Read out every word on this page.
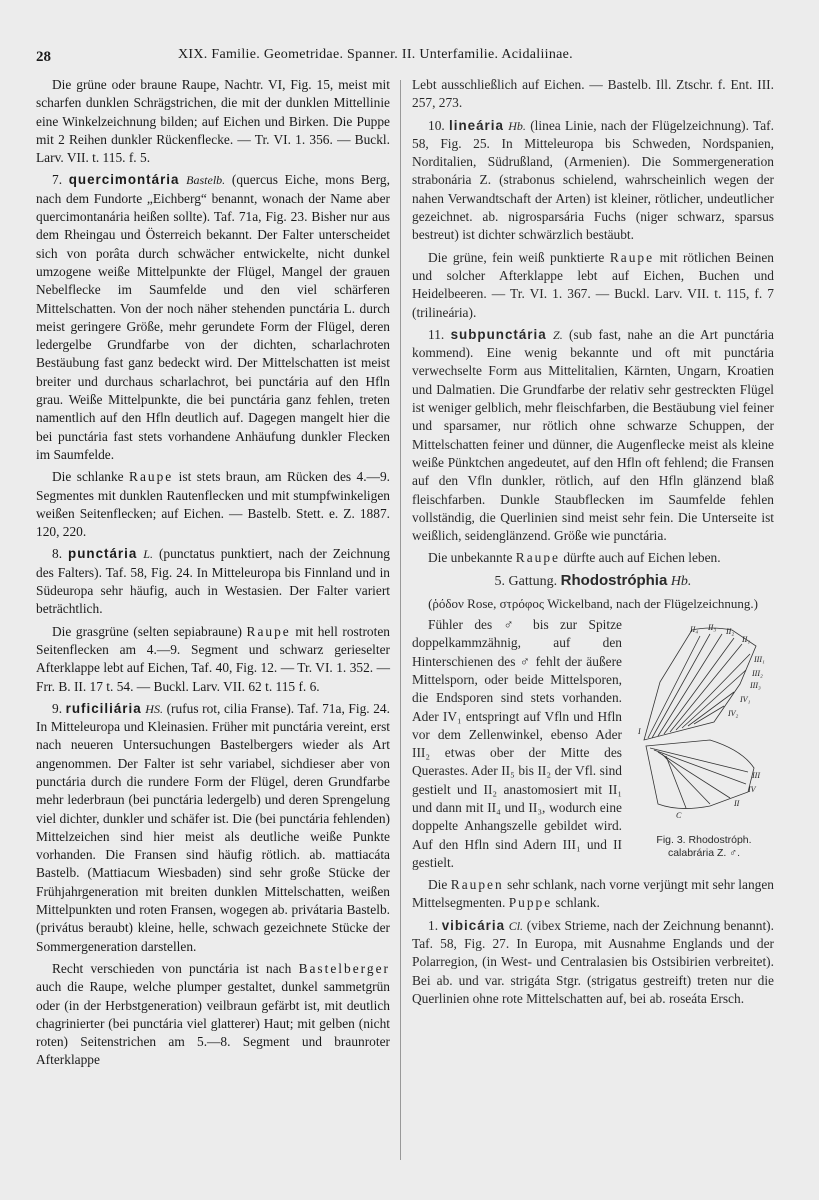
28	XIX. Familie. Geometridae. Spanner. II. Unterfamilie. Acidaliinae.

Die grüne oder braune Raupe, Nachtr. VI, Fig. 15, meist mit scharfen dunklen Schrägstrichen, die mit der dunklen Mittellinie eine Winkelzeichnung bilden; auf Eichen und Birken. Die Puppe mit 2 Reihen dunkler Rückenflecke. — Tr. VI. 1. 356. — Buckl. Larv. VII. t. 115. f. 5.

7. quercimontária Bastelb. (quercus Eiche, mons Berg, nach dem Fundorte „Eichberg“ benannt, wonach der Name aber quercimontanária heißen sollte). Taf. 71a, Fig. 23. Bisher nur aus dem Rheingau und Österreich bekannt. Der Falter unterscheidet sich von porâta durch schwächer entwickelte, nicht dunkel umzogene weiße Mittelpunkte der Flügel, Mangel der grauen Nebelflecke im Saumfelde und den viel schärferen Mittelschatten. Von der noch näher stehenden punctária L. durch meist geringere Größe, mehr gerundete Form der Flügel, deren ledergelbe Grundfarbe von der dichten, scharlachroten Bestäubung fast ganz bedeckt wird. Der Mittelschatten ist meist breiter und durchaus scharlachrot, bei punctária auf den Hfln grau. Weiße Mittelpunkte, die bei punctária ganz fehlen, treten namentlich auf den Hfln deutlich auf. Dagegen mangelt hier die bei punctária fast stets vorhandene Anhäufung dunkler Flecken im Saumfelde.

Die schlanke Raupe ist stets braun, am Rücken des 4.—9. Segmentes mit dunklen Rautenflecken und mit stumpfwinkeligen weißen Seitenflecken; auf Eichen. — Bastelb. Stett. e. Z. 1887. 120, 220.

8. punctária L. (punctatus punktiert, nach der Zeichnung des Falters). Taf. 58, Fig. 24. In Mitteleuropa bis Finnland und in Südeuropa sehr häufig, auch in Westasien. Der Falter variert beträchtlich.

Die grasgrüne (selten sepiabraune) Raupe mit hell rostroten Seitenflecken am 4.—9. Segment und schwarz gerieselter Afterklappe lebt auf Eichen, Taf. 40, Fig. 12. — Tr. VI. 1. 352. — Frr. B. II. 17 t. 54. — Buckl. Larv. VII. 62 t. 115 f. 6.

9. ruficiliária HS. (rufus rot, cilia Franse). Taf. 71a, Fig. 24. In Mitteleuropa und Kleinasien. Früher mit punctária vereint, erst nach neueren Untersuchungen Bastelbergers wieder als Art angenommen. Der Falter ist sehr variabel, sichdieser aber von punctária durch die rundere Form der Flügel, deren Grundfarbe mehr lederbraun (bei punctária ledergelb) und deren Sprengelung viel dichter, dunkler und schäfer ist. Die (bei punctária fehlenden) Mittelzeichen sind hier meist als deutliche weiße Punkte vorhanden. Die Fransen sind häufig rötlich. ab. mattiacáta Bastelb. (Mattiacum Wiesbaden) sind sehr große Stücke der Frühjahrgeneration mit breiten dunklen Mittelschatten, weißen Mittelpunkten und roten Fransen, wogegen ab. privátaria Bastelb. (privátus beraubt) kleine, helle, schwach gezeichnete Stücke der Sommergeneration darstellen.

Recht verschieden von punctária ist nach Bastelberger auch die Raupe, welche plumper gestaltet, dunkel sammetgrün oder (in der Herbstgeneration) veilbraun gefärbt ist, mit deutlich chagrinierter (bei punctária viel glatterer) Haut; mit gelben (nicht roten) Seitenstrichen am 5.—8. Segment und braunroter Afterklappe

Lebt ausschließlich auf Eichen. — Bastelb. Ill. Ztschr. f. Ent. III. 257, 273.

10. lineária Hb. (linea Linie, nach der Flügelzeichnung). Taf. 58, Fig. 25. In Mitteleuropa bis Schweden, Nordspanien, Norditalien, Südrußland, (Armenien). Die Sommergeneration strabonária Z. (strabonus schielend, wahrscheinlich wegen der nahen Verwandtschaft der Arten) ist kleiner, rötlicher, undeutlicher gezeichnet. ab. nigrosparsária Fuchs (niger schwarz, sparsus bestreut) ist dichter schwärzlich bestäubt.

Die grüne, fein weiß punktierte Raupe mit rötlichen Beinen und solcher Afterklappe lebt auf Eichen, Buchen und Heidelbeeren. — Tr. VI. 1. 367. — Buckl. Larv. VII. t. 115, f. 7 (trilineária).

11. subpunctária Z. (sub fast, nahe an die Art punctária kommend). Eine wenig bekannte und oft mit punctária verwechselte Form aus Mittelitalien, Kärnten, Ungarn, Kroatien und Dalmatien. Die Grundfarbe der relativ sehr gestreckten Flügel ist weniger gelblich, mehr fleischfarben, die Bestäubung viel feiner und sparsamer, nur rötlich ohne schwarze Schuppen, der Mittelschatten feiner und dünner, die Augenflecke meist als kleine weiße Pünktchen angedeutet, auf den Hfln oft fehlend; die Fransen auf den Vfln dunkler, rötlich, auf den Hfln glänzend blaß fleischfarben. Dunkle Staubflecken im Saumfelde fehlen vollständig, die Querlinien sind meist sehr fein. Die Unterseite ist weißlich, seidenglänzend. Größe wie punctária.

Die unbekannte Raupe dürfte auch auf Eichen leben.

5. Gattung. Rhodostróphia Hb.

(ῥόδον Rose, στρόφος Wickelband, nach der Flügelzeichnung.)

II₄ II₃ II₂
II₁
III₁
III₂
III₃
IV₁
IV₂
I
III
II
IV
C
Fig. 3. Rhodostróph.
calabrária Z. ♂.

Fühler des ♂ bis zur Spitze doppelkammzähnig, auf den Hinterschienen des ♂ fehlt der äußere Mittelsporn, oder beide Mittelsporen, die Endsporen sind stets vorhanden. Ader IV₁ entspringt auf Vfln und Hfln vor dem Zellenwinkel, ebenso Ader III₂ etwas ober der Mitte des Querastes. Ader II₅ bis II₂ der Vfl. sind gestielt und II₂ anastomosiert mit II₁ und dann mit II₄ und II₃, wodurch eine doppelte Anhangszelle gebildet wird. Auf den Hfln sind Adern III₁ und II gestielt.

Die Raupen sehr schlank, nach vorne verjüngt mit sehr langen Mittelsegmenten. Puppe schlank.

1. vibicária Cl. (vibex Strieme, nach der Zeichnung benannt). Taf. 58, Fig. 27. In Europa, mit Ausnahme Englands und der Polarregion, (in West- und Centralasien bis Ostsibirien verbreitet). Bei ab. und var. strigáta Stgr. (strigatus gestreift) treten nur die Querlinien ohne rote Mittelschatten auf, bei ab. roseáta Ersch.
